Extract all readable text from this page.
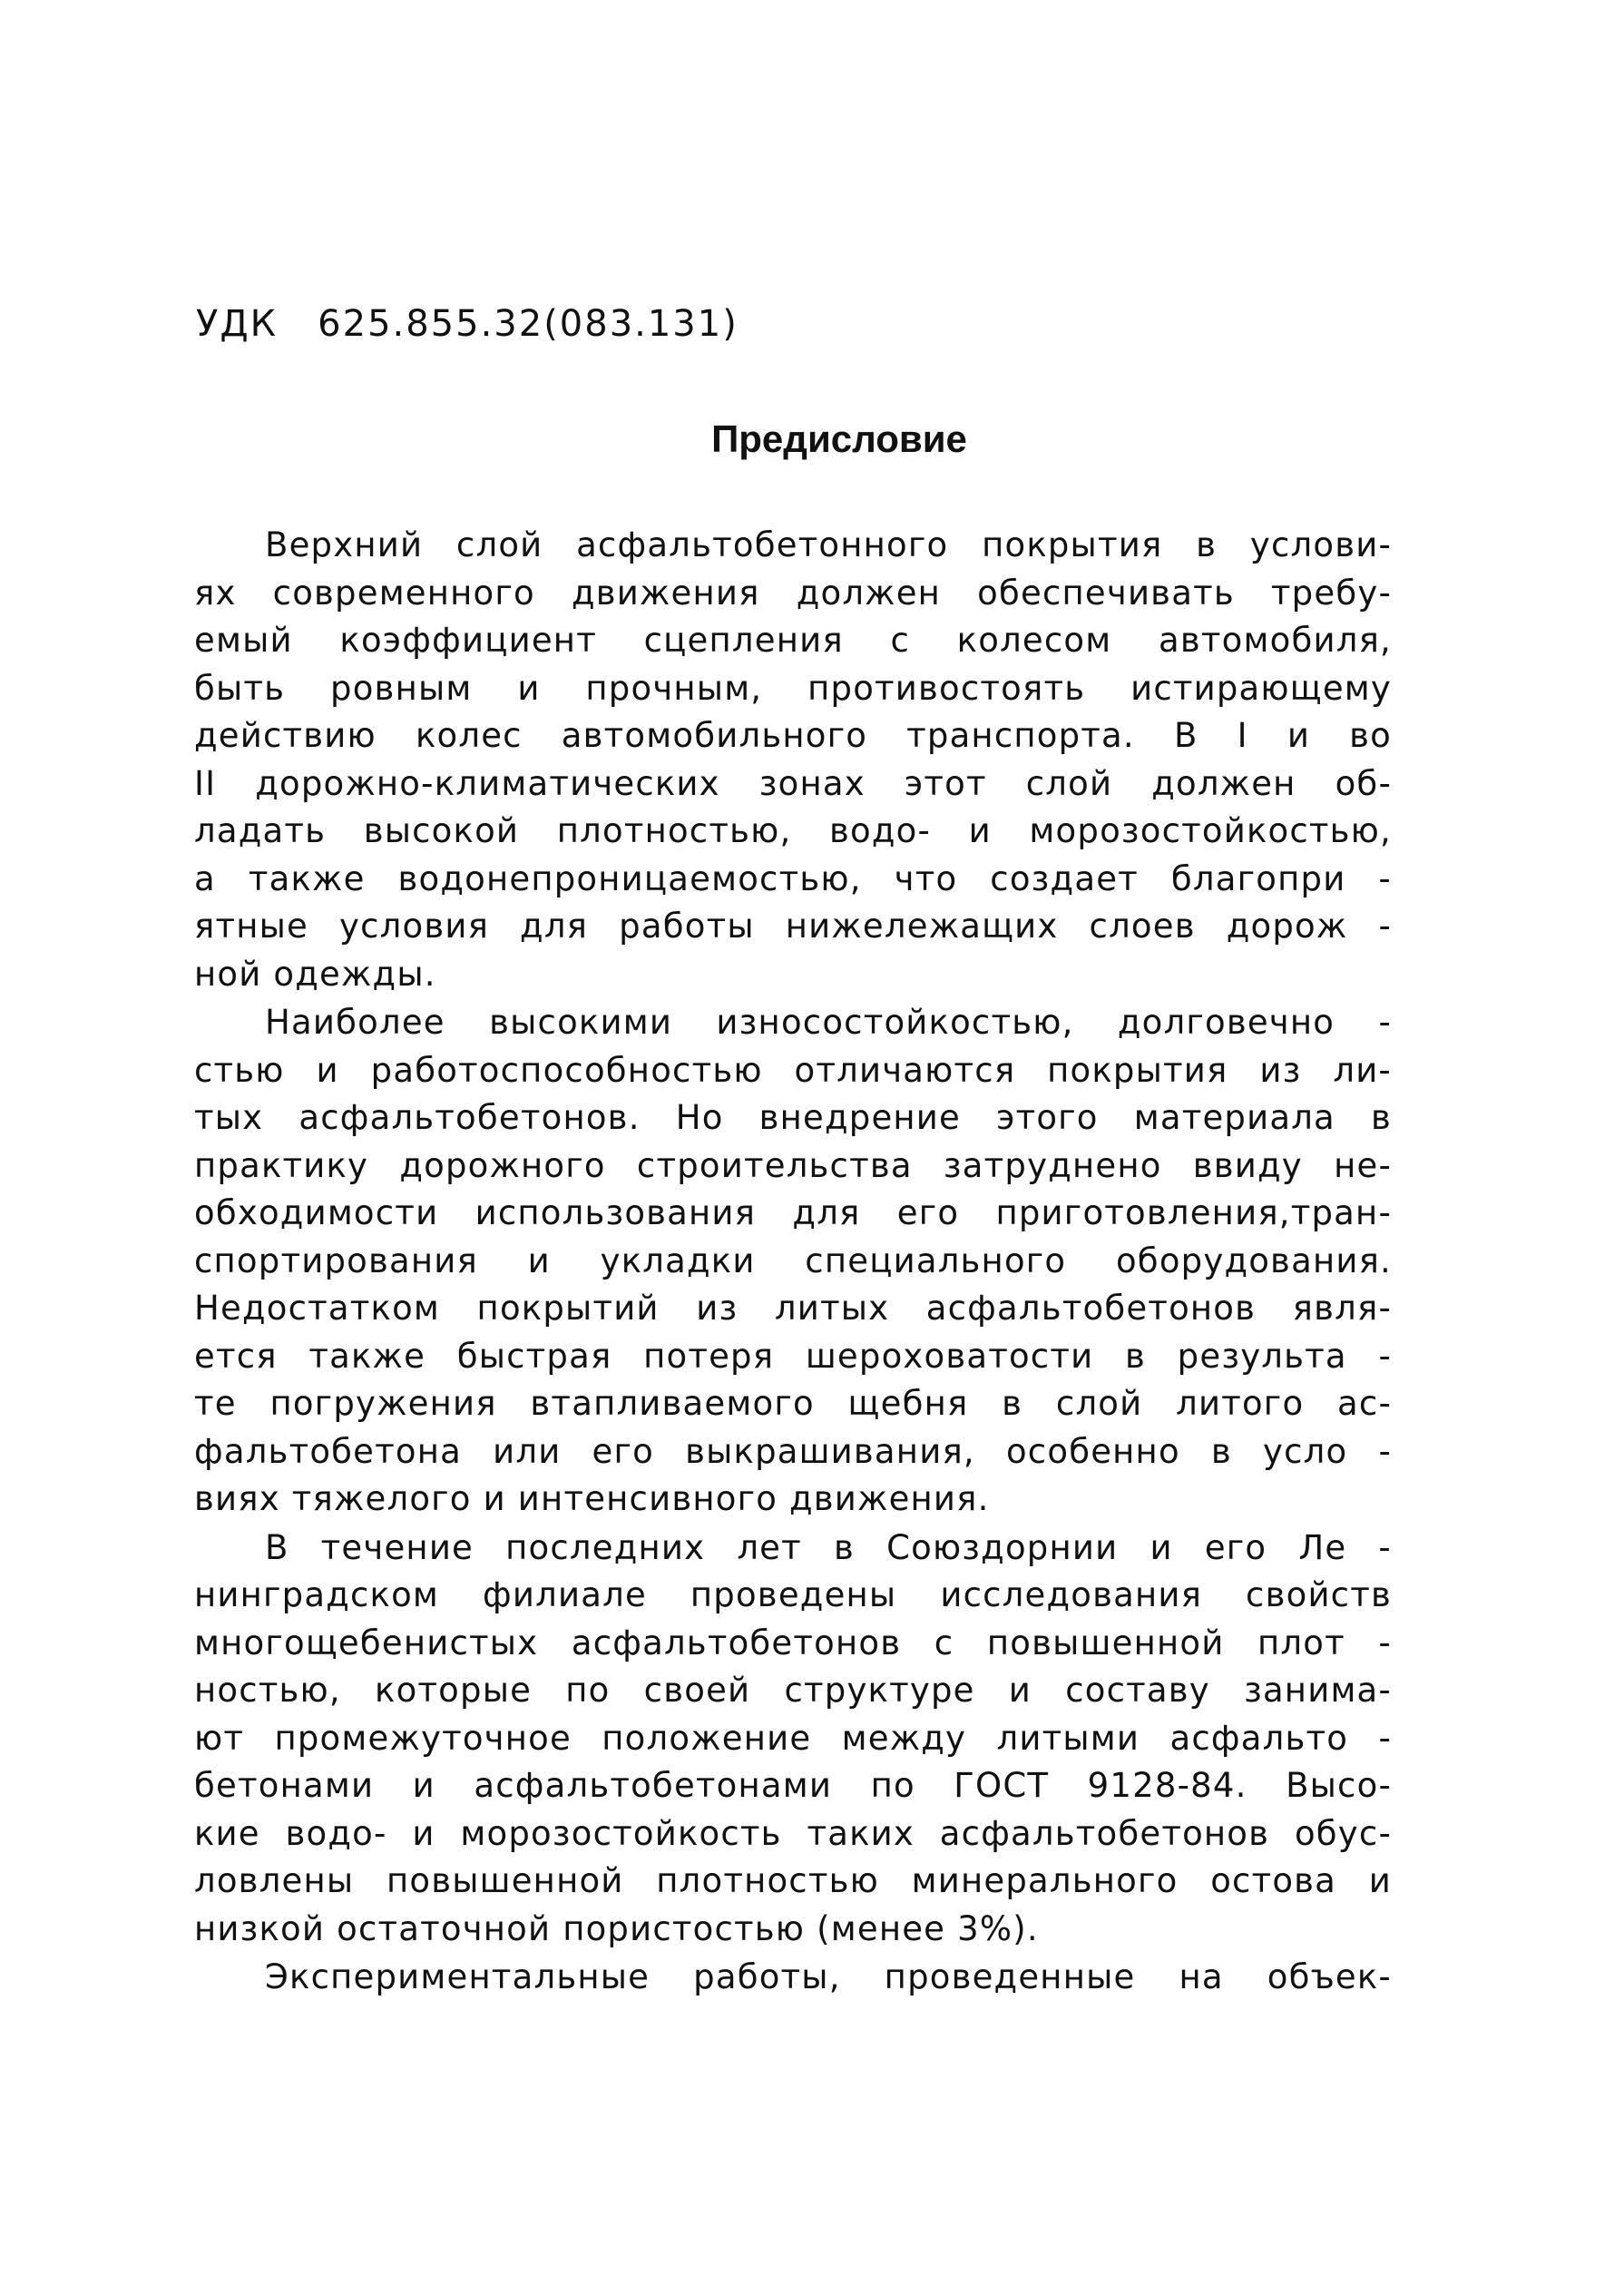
УДК   625.855.32(083.131)
Предисловие
Верхний слой асфальтобетонного покрытия в услови-
ях современного движения должен обеспечивать требу-
емый коэффициент сцепления с колесом автомобиля,
быть ровным и прочным, противостоять истирающему
действию колес автомобильного транспорта. В I и во
II дорожно-климатических зонах этот слой должен об-
ладать высокой плотностью, водо- и морозостойкостью,
а также водонепроницаемостью, что создает благопри -
ятные условия для работы нижележащих слоев дорож -
ной одежды.
Наиболее высокими износостойкостью, долговечно -
стью и работоспособностью отличаются покрытия из ли-
тых асфальтобетонов. Но внедрение этого материала в
практику дорожного строительства затруднено ввиду не-
обходимости использования для его приготовления,тран-
спортирования и укладки специального оборудования.
Недостатком покрытий из литых асфальтобетонов явля-
ется также быстрая потеря шероховатости в результа -
те погружения втапливаемого щебня в слой литого ас-
фальтобетона или его выкрашивания, особенно в усло -
виях тяжелого и интенсивного движения.
В течение последних лет в Союздорнии и его Ле -
нинградском филиале проведены исследования свойств
многощебенистых асфальтобетонов с повышенной плот -
ностью, которые по своей структуре и составу занима-
ют промежуточное положение между литыми асфальто -
бетонами и асфальтобетонами по ГОСТ 9128-84. Высо-
кие водо- и морозостойкость таких асфальтобетонов обус-
ловлены повышенной плотностью минерального остова и
низкой остаточной пористостью (менее 3%).
Экспериментальные работы, проведенные на объек-
